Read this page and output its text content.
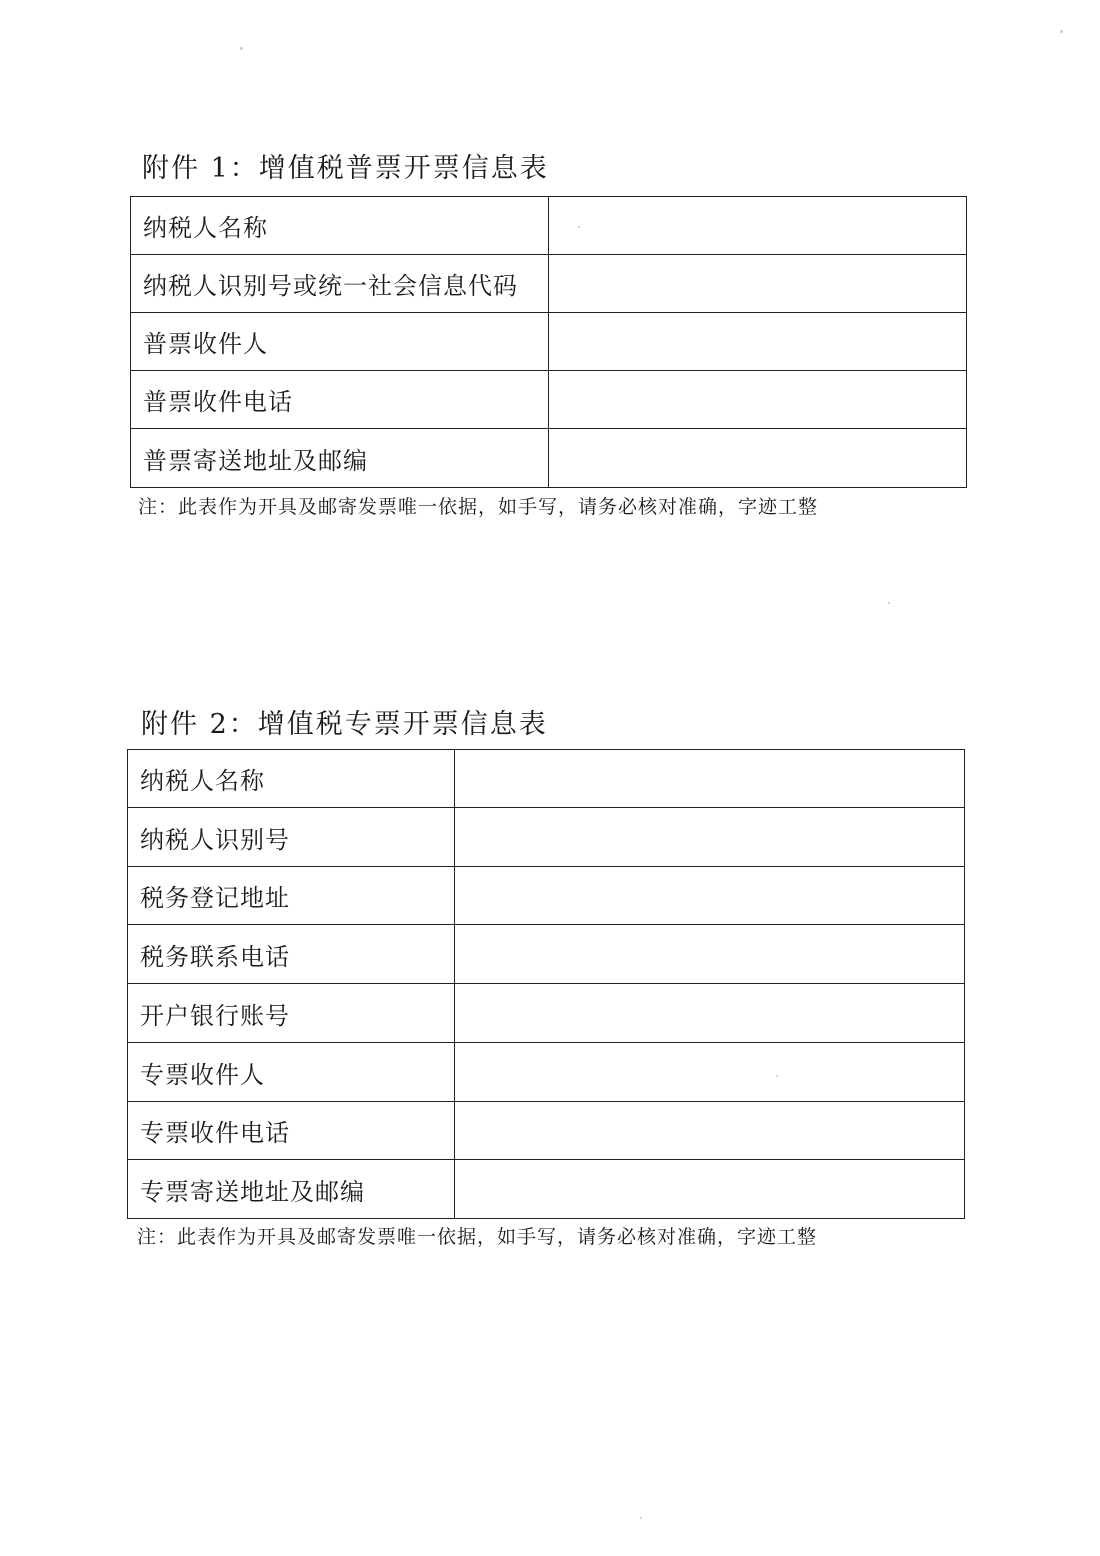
附件 1：增值税普票开票信息表
纳税人名称	
纳税人识别号或统一社会信息代码	
普票收件人	
普票收件电话	
普票寄送地址及邮编	
注：此表作为开具及邮寄发票唯一依据，如手写，请务必核对准确，字迹工整
附件 2：增值税专票开票信息表
纳税人名称	
纳税人识别号	
税务登记地址	
税务联系电话	
开户银行账号	
专票收件人	
专票收件电话	
专票寄送地址及邮编	
注：此表作为开具及邮寄发票唯一依据，如手写，请务必核对准确，字迹工整
